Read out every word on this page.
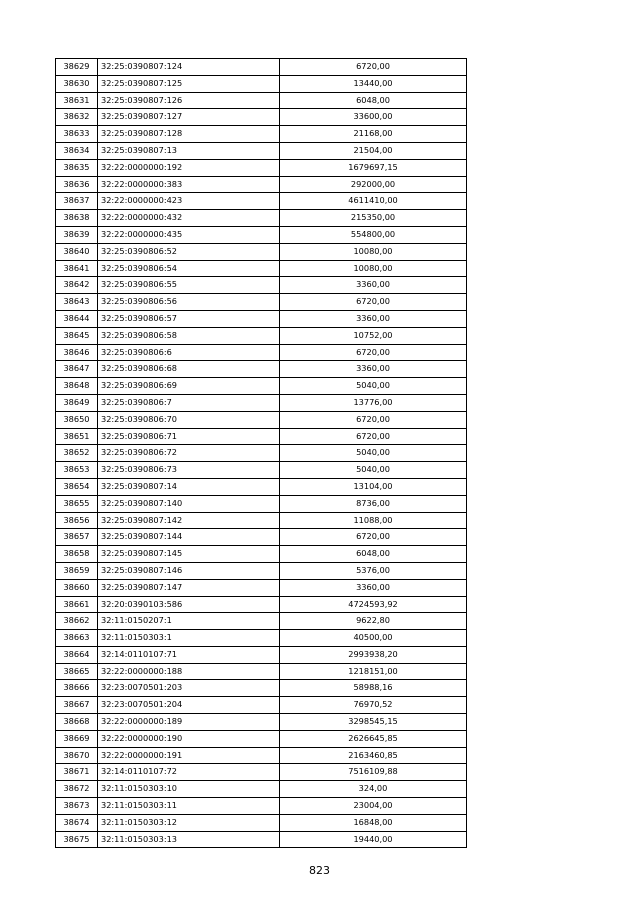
38629	32:25:0390807:124	6720,00
38630	32:25:0390807:125	13440,00
38631	32:25:0390807:126	6048,00
38632	32:25:0390807:127	33600,00
38633	32:25:0390807:128	21168,00
38634	32:25:0390807:13	21504,00
38635	32:22:0000000:192	1679697,15
38636	32:22:0000000:383	292000,00
38637	32:22:0000000:423	4611410,00
38638	32:22:0000000:432	215350,00
38639	32:22:0000000:435	554800,00
38640	32:25:0390806:52	10080,00
38641	32:25:0390806:54	10080,00
38642	32:25:0390806:55	3360,00
38643	32:25:0390806:56	6720,00
38644	32:25:0390806:57	3360,00
38645	32:25:0390806:58	10752,00
38646	32:25:0390806:6	6720,00
38647	32:25:0390806:68	3360,00
38648	32:25:0390806:69	5040,00
38649	32:25:0390806:7	13776,00
38650	32:25:0390806:70	6720,00
38651	32:25:0390806:71	6720,00
38652	32:25:0390806:72	5040,00
38653	32:25:0390806:73	5040,00
38654	32:25:0390807:14	13104,00
38655	32:25:0390807:140	8736,00
38656	32:25:0390807:142	11088,00
38657	32:25:0390807:144	6720,00
38658	32:25:0390807:145	6048,00
38659	32:25:0390807:146	5376,00
38660	32:25:0390807:147	3360,00
38661	32:20:0390103:586	4724593,92
38662	32:11:0150207:1	9622,80
38663	32:11:0150303:1	40500,00
38664	32:14:0110107:71	2993938,20
38665	32:22:0000000:188	1218151,00
38666	32:23:0070501:203	58988,16
38667	32:23:0070501:204	76970,52
38668	32:22:0000000:189	3298545,15
38669	32:22:0000000:190	2626645,85
38670	32:22:0000000:191	2163460,85
38671	32:14:0110107:72	7516109,88
38672	32:11:0150303:10	324,00
38673	32:11:0150303:11	23004,00
38674	32:11:0150303:12	16848,00
38675	32:11:0150303:13	19440,00
823
